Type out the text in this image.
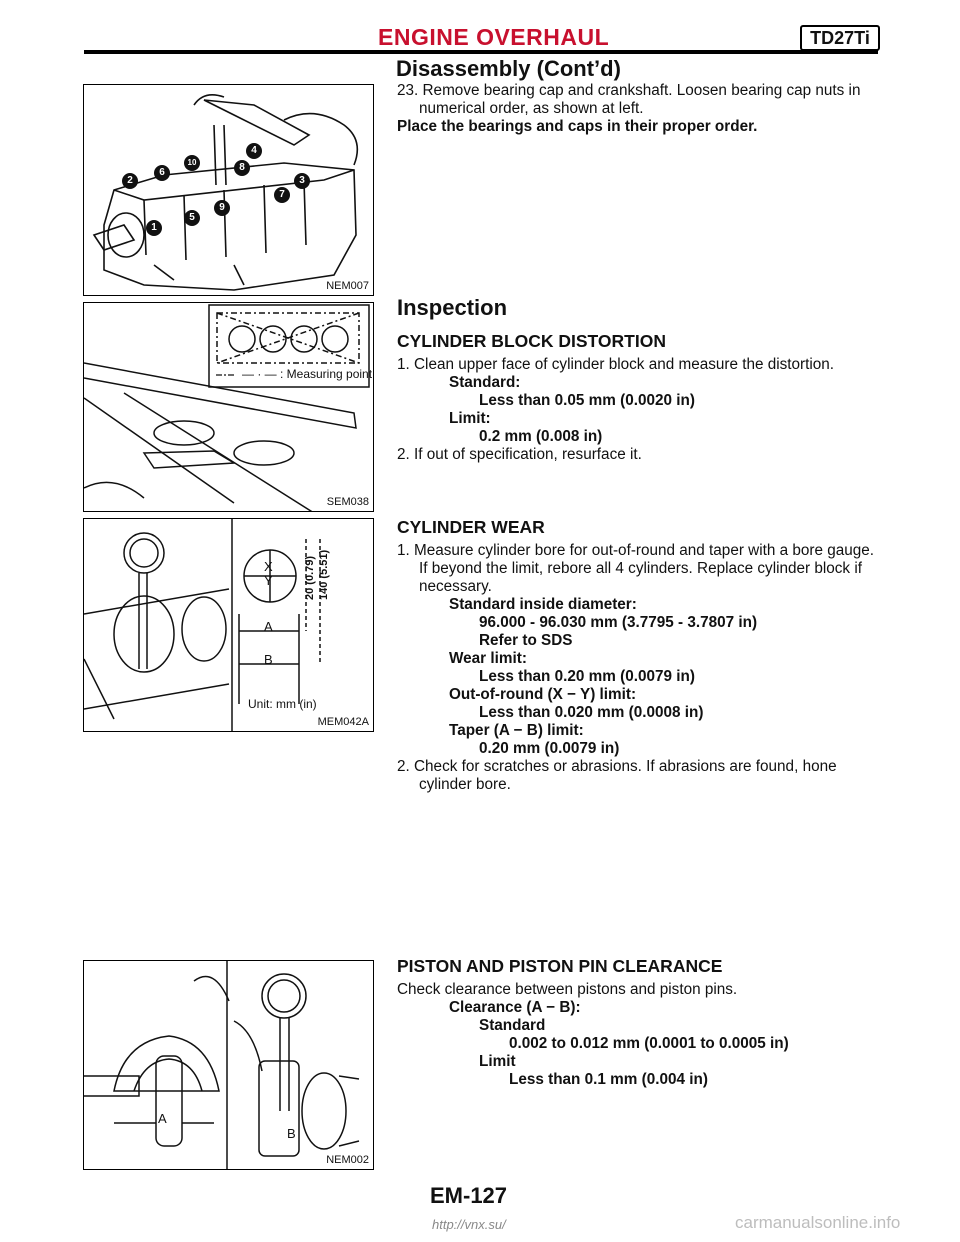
ENGINE OVERHAUL	TD27Ti
Disassembly (Cont’d)
NEM007
1
2	3
4
5
6
7
8
9
10
— · — : Measuring point
SEM038
X
Y
A
B
20 (0.79) 140 (5.51)
Unit: mm (in)
MEM042A
A
B
NEM002

23. Remove bearing cap and crankshaft. Loosen bearing cap nuts in numerical order, as shown at left.

Place the bearings and caps in their proper order.

Inspection

CYLINDER BLOCK DISTORTION

1. Clean upper face of cylinder block and measure the distortion.

Standard:

Less than 0.05 mm (0.0020 in)

Limit:

0.2 mm (0.008 in)

2. If out of specification, resurface it.

CYLINDER WEAR

1. Measure cylinder bore for out-of-round and taper with a bore gauge. If beyond the limit, rebore all 4 cylinders. Replace cylinder block if necessary.

Standard inside diameter:

96.000 - 96.030 mm (3.7795 - 3.7807 in)

Refer to SDS

Wear limit:

Less than 0.20 mm (0.0079 in)

Out-of-round (X − Y) limit:

Less than 0.020 mm (0.0008 in)

Taper (A − B) limit:

0.20 mm (0.0079 in)

2. Check for scratches or abrasions. If abrasions are found, hone cylinder bore.

PISTON AND PISTON PIN CLEARANCE

Check clearance between pistons and piston pins.

Clearance (A − B):

Standard

0.002 to 0.012 mm (0.0001 to 0.0005 in)

Limit

Less than 0.1 mm (0.004 in)

EM-127
http://vnx.su/	carmanualsonline.info
